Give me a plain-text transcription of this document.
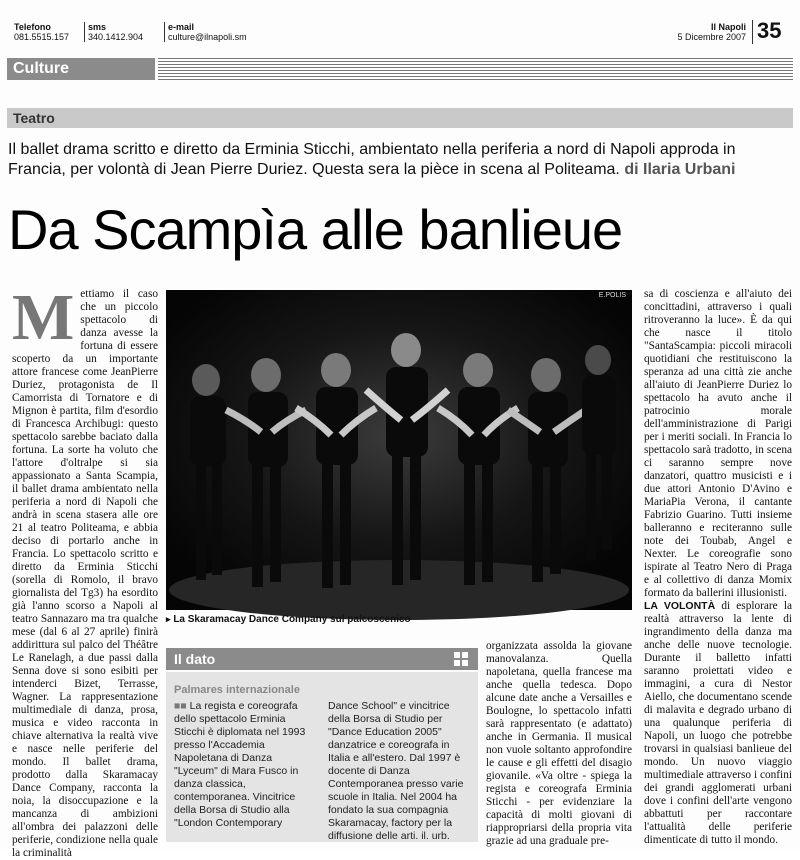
Telefono
081.5515.157
sms
340.1412.904
e-mail
culture@ilnapoli.sm
Il Napoli
5 Dicembre 2007 35
Culture
Teatro
Il ballet drama scritto e diretto da Erminia Sticchi, ambientato nella periferia a nord di Napoli approda in Francia, per volontà di Jean Pierre Duriez. Questa sera la pièce in scena al Politeama. di Ilaria Urbani
Da Scampìa alle banlieue
M ettiamo il caso che un piccolo spettacolo di danza avesse la fortuna di essere scoperto da un importante attore francese come JeanPierre Duriez, protagonista de Il Camorrista di Tornatore e di Mignon è partita, film d'esordio di Francesca Archibugi: questo spettacolo sarebbe baciato dalla fortuna. La sorte ha voluto che l'attore d'oltralpe si sia appassionato a Santa Scampia, il ballet drama ambientato nella periferia a nord di Napoli che andrà in scena stasera alle ore 21 al teatro Politeama, e abbia deciso di portarlo anche in Francia. Lo spettacolo scritto e diretto da Erminia Sticchi (sorella di Romolo, il bravo giornalista del Tg3) ha esordito già l'anno scorso a Napoli al teatro Sannazaro ma tra qualche mese (dal 6 al 27 aprile) finirà addirittura sul palco del Théâtre Le Ranelagh, a due passi dalla Senna dove si sono esibiti per intenderci Bizet, Terrasse, Wagner. La rappresentazione multimediale di danza, prosa, musica e video racconta in chiave alternativa la realtà vive e nasce nelle periferie del mondo. Il ballet drama, prodotto dalla Skaramacay Dance Company, racconta la noia, la disoccupazione e la mancanza di ambizioni all'ombra dei palazzoni delle periferie, condizione nella quale la criminalità
E.POLIS
▸ La Skaramacay Dance Company sul palcoscenico
Il dato
Palmares internazionale
■■ La regista e coreografa dello spettacolo Erminia Sticchi è diplomata nel 1993 presso l'Accademia Napoletana di Danza "Lyceum" di Mara Fusco in danza classica, contemporanea. Vincitrice della Borsa di Studio alla "London Contemporary
Dance School" e vincitrice della Borsa di Studio per "Dance Education 2005" danzatrice e coreografa in Italia e all'estero. Dal 1997 è docente di Danza Contemporanea presso varie scuole in Italia. Nel 2004 ha fondato la sua compagnia Skaramacay, factory per la diffusione delle arti. il. urb.
organizzata assolda la giovane manovalanza. Quella napoletana, quella francese ma anche quella tedesca. Dopo alcune date anche a Versailles e Boulogne, lo spettacolo infatti sarà rappresentato (e adattato) anche in Germania. Il musical non vuole soltanto approfondire le cause e gli effetti del disagio giovanile. «Va oltre - spiega la regista e coreografa Erminia Sticchi - per evidenziare la capacità di molti giovani di riappropriarsi della propria vita grazie ad una graduale pre-
sa di coscienza e all'aiuto dei concittadini, attraverso i quali ritroveranno la luce». È da qui che nasce il titolo "SantaScampia: piccoli miracoli quotidiani che restituiscono la speranza ad una città zie anche all'aiuto di JeanPierre Duriez lo spettacolo ha avuto anche il patrocinio morale dell'amministrazione di Parigi per i meriti sociali. In Francia lo spettacolo sarà tradotto, in scena ci saranno sempre nove danzatori, quattro musicisti e i due attori Antonio D'Avino e MariaPia Verona, il cantante Fabrizio Guarino. Tutti insieme balleranno e reciteranno sulle note dei Toubab, Angel e Nexter. Le coreografie sono ispirate al Teatro Nero di Praga e al collettivo di danza Momix formato da ballerini illusionisti.
LA VOLONTÀ di esplorare la realtà attraverso la lente di ingrandimento della danza ma anche delle nuove tecnologie. Durante il balletto infatti saranno proiettati video e immagini, a cura di Nestor Aiello, che documentano scende di malavita e degrado urbano di una qualunque periferia di Napoli, un luogo che potrebbe trovarsi in qualsiasi banlieue del mondo. Un nuovo viaggio multimediale attraverso i confini dei grandi agglomerati urbani dove i confini dell'arte vengono abbattuti per raccontare l'attualità delle periferie dimenticate di tutto il mondo.
